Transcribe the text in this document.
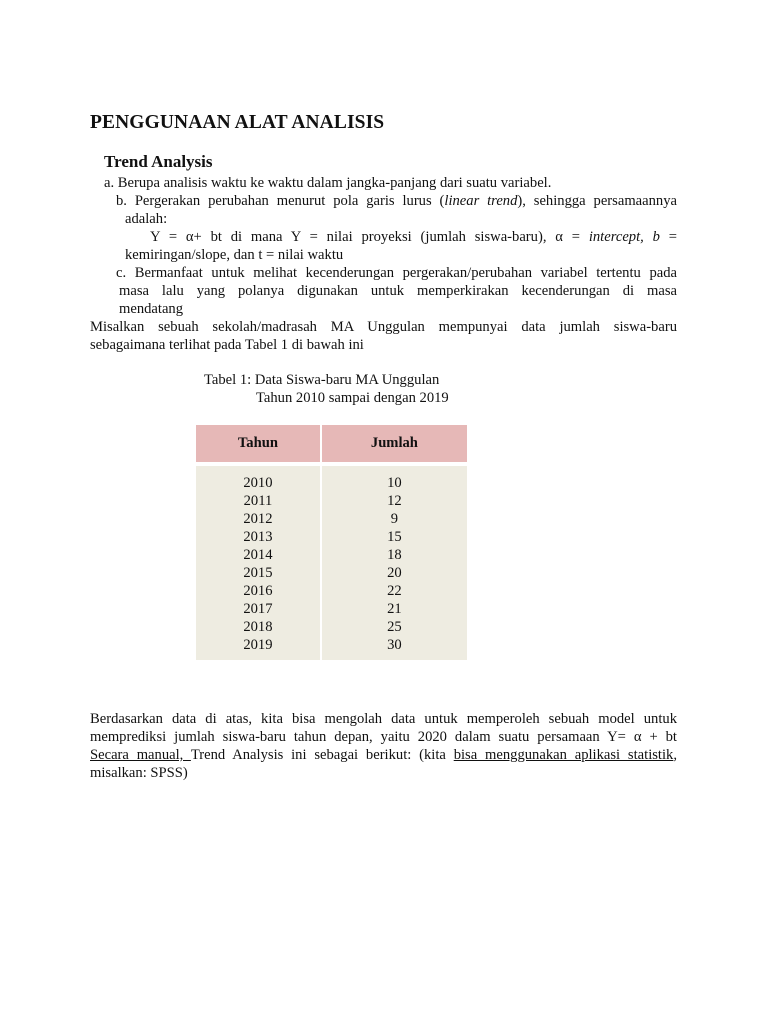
PENGGUNAAN ALAT ANALISIS
Trend Analysis
a. Berupa analisis waktu ke waktu dalam jangka-panjang dari suatu variabel.
b. Pergerakan perubahan menurut pola garis lurus (linear trend), sehingga persamaannya
adalah:
Y = α+ bt di mana Y = nilai proyeksi (jumlah siswa-baru), α = intercept, b =
kemiringan/slope, dan t = nilai waktu
c. Bermanfaat untuk melihat kecenderungan pergerakan/perubahan variabel tertentu pada
masa lalu yang polanya digunakan untuk memperkirakan kecenderungan di masa
mendatang
Misalkan sebuah sekolah/madrasah MA Unggulan mempunyai data jumlah siswa-baru
sebagaimana terlihat pada Tabel 1 di bawah ini
Tabel 1: Data Siswa-baru MA Unggulan
Tahun 2010 sampai dengan 2019
Tahun	Jumlah

2010	10
2011	12
2012	9
2013	15
2014	18
2015	20
2016	22
2017	21
2018	25
2019	30

Berdasarkan data di atas, kita bisa mengolah data untuk memperoleh sebuah model untuk
memprediksi jumlah siswa-baru tahun depan, yaitu 2020 dalam suatu persamaan Y= α + bt
Secara manual, Trend Analysis ini sebagai berikut: (kita bisa menggunakan aplikasi statistik,
misalkan: SPSS)
